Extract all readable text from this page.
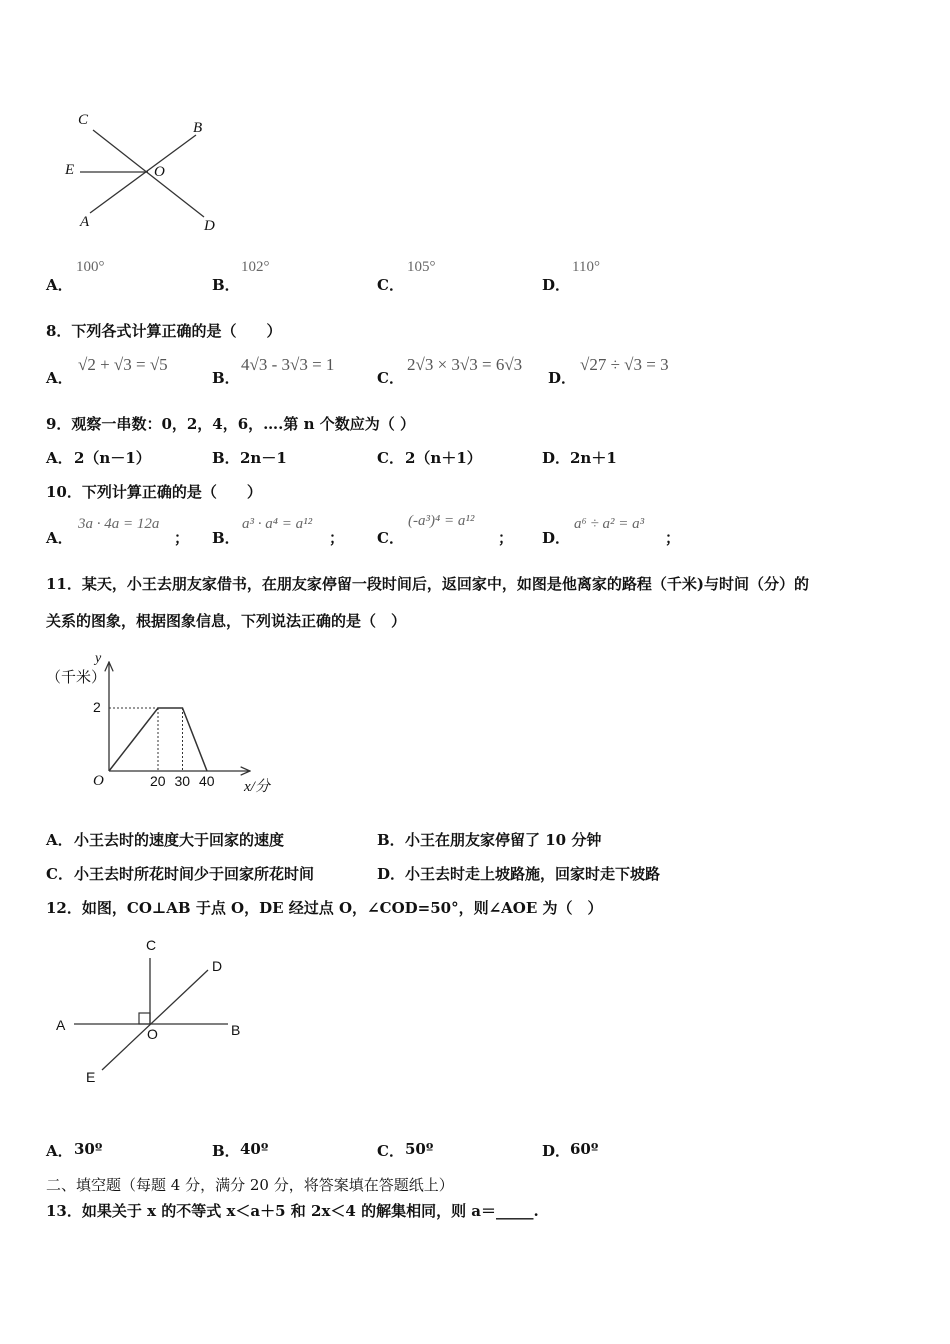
C	B
E	O
A	D
A．
100°
B．
102°
C．
105°
D．
110°
8．下列各式计算正确的是（　　）
A．
√2 + √3 = √5
B．
4√3 - 3√3 = 1
C．
2√3 × 3√3 = 6√3
D．
√27 ÷ √3 = 3
9．观察一串数：0，2，4，6，….第 n 个数应为（ ）
A． 2（n－1）	B． 2n－1	C． 2（n＋1）	D． 2n＋1
10．下列计算正确的是（　　）
A．
3a · 4a = 12a
； B．
a³ · a⁴ = a¹²
； C．
(-a³)⁴ = a¹²
； D．
a⁶ ÷ a² = a³
；
11．某天，小王去朋友家借书，在朋友家停留一段时间后，返回家中，如图是他离家的路程（千米)与时间（分）的
关系的图象，根据图象信息，下列说法正确的是（　）
y
（千米）
O	x/分
2
20 30 40
A． 小王去时的速度大于回家的速度	B． 小王在朋友家停留了 10 分钟
C． 小王去时所花时间少于回家所花时间	D． 小王去时走上坡路施，回家时走下坡路
12．如图，CO⊥AB 于点 O，DE 经过点 O，∠COD=50°，则∠AOE 为（　）
C
D
A	B
O
E
A． 30º	B． 40º	C． 50º	D． 60º
二、填空题（每题 4 分，满分 20 分，将答案填在答题纸上）
13．如果关于 x 的不等式 x＜a＋5 和 2x＜4 的解集相同，则 a＝_____.
